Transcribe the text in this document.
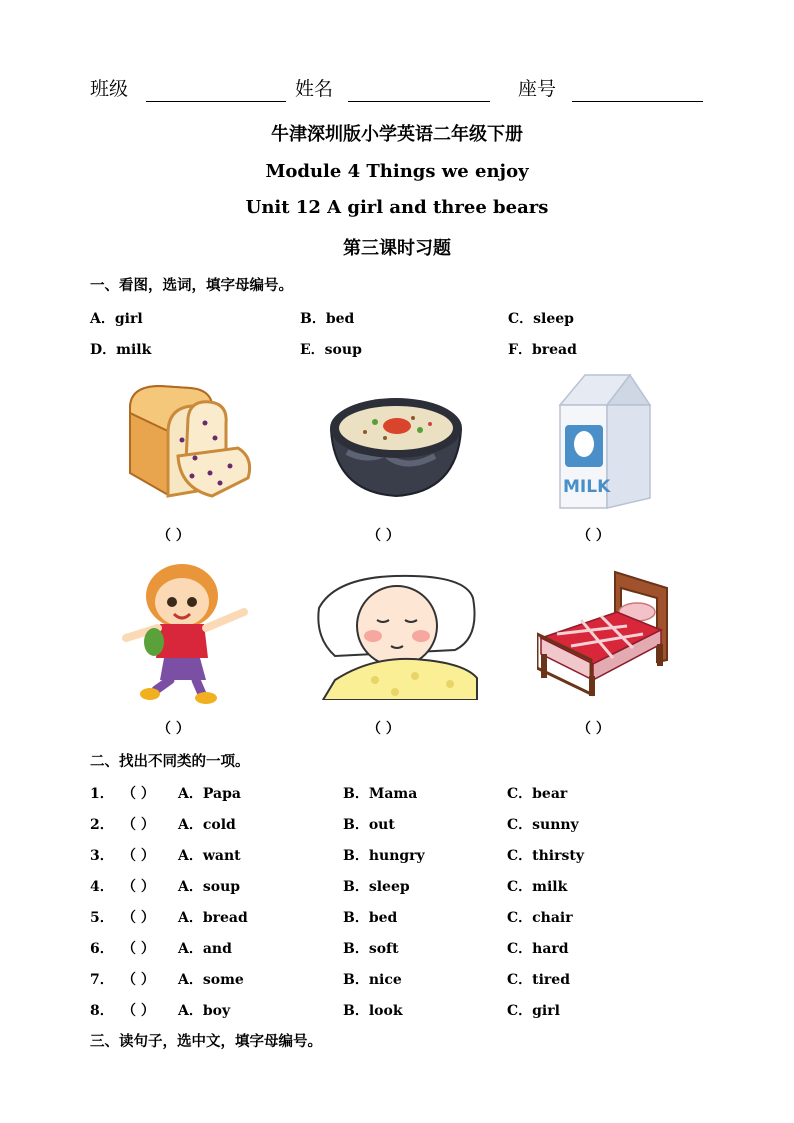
班级	姓名	座号
牛津深圳版小学英语二年级下册
Module 4 Things we enjoy
Unit 12 A girl and three bears
第三课时习题
一、看图，选词，填字母编号。
A．girl	B．bed	C．sleep
D．milk	E．soup	F．bread
（ ）	（ ）
MILK
（ ）
（ ）	（ ）	（ ）
二、找出不同类的一项。
1． （ ） A．Papa	B．Mama	C．bear
2． （ ） A．cold	B．out	C．sunny
3． （ ） A．want	B．hungry	C．thirsty
4． （ ） A．soup	B．sleep	C．milk
5． （ ） A．bread	B．bed	C．chair
6． （ ） A．and	B．soft	C．hard
7． （ ） A．some	B．nice	C．tired
8． （ ） A．boy	B．look	C．girl
三、读句子，选中文，填字母编号。
